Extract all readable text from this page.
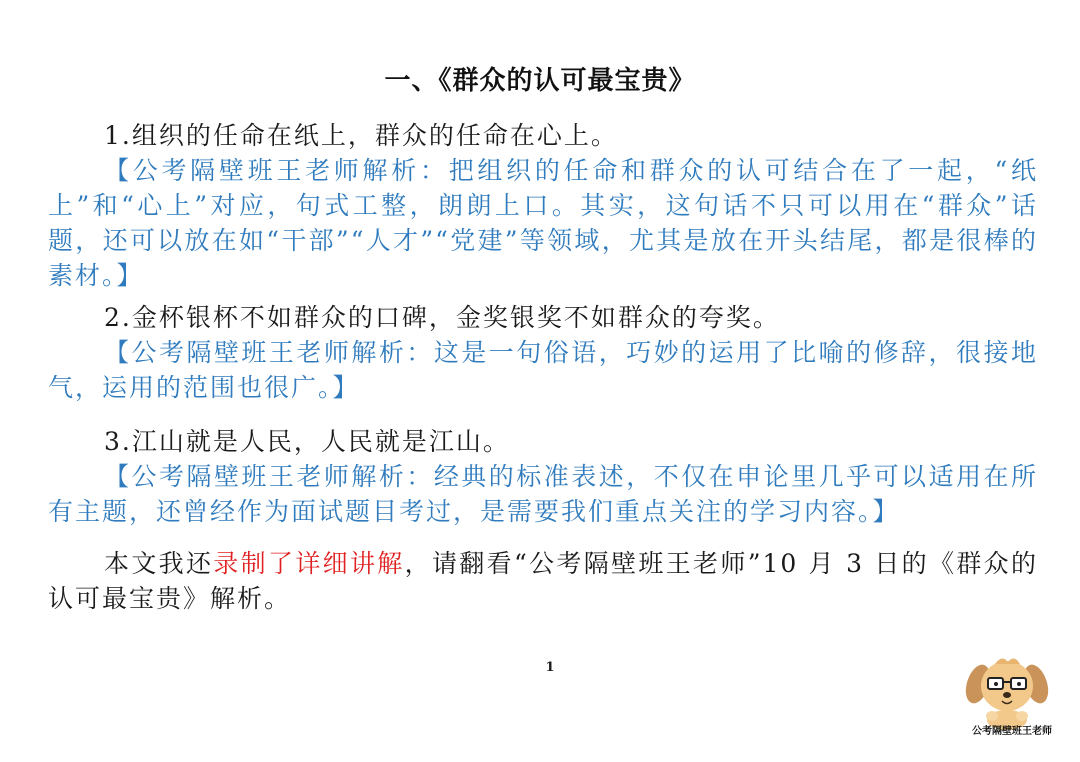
一、《群众的认可最宝贵》

1.组织的任命在纸上，群众的任命在心上。

【公考隔壁班王老师解析：把组织的任命和群众的认可结合在了一起，“纸上”和“心上”对应，句式工整，朗朗上口。其实，这句话不只可以用在“群众”话题，还可以放在如“干部”“人才”“党建”等领域，尤其是放在开头结尾，都是很棒的素材。】

2.金杯银杯不如群众的口碑，金奖银奖不如群众的夸奖。

【公考隔壁班王老师解析：这是一句俗语，巧妙的运用了比喻的修辞，很接地气，运用的范围也很广。】

3.江山就是人民，人民就是江山。

【公考隔壁班王老师解析：经典的标准表述，不仅在申论里几乎可以适用在所有主题，还曾经作为面试题目考过，是需要我们重点关注的学习内容。】

本文我还录制了详细讲解，请翻看“公考隔壁班王老师”10 月 3 日的《群众的认可最宝贵》解析。

1
公考隔壁班王老师
